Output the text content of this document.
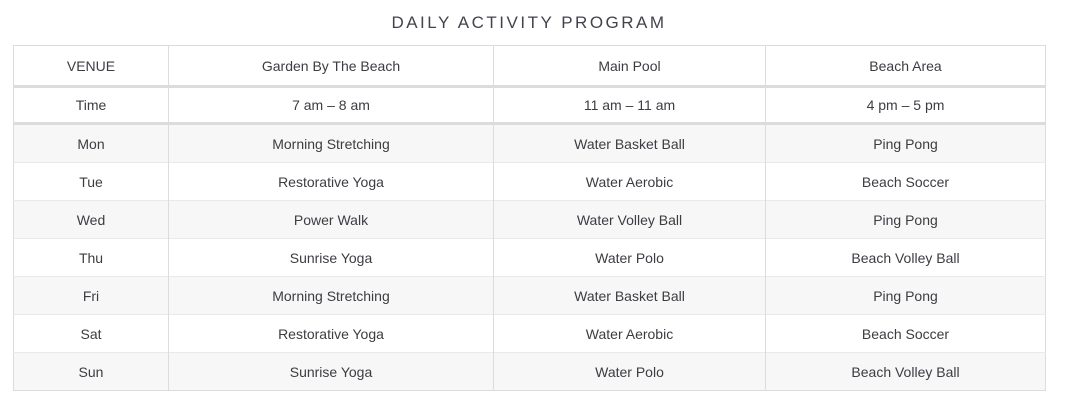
DAILY ACTIVITY PROGRAM
VENUE	Garden By The Beach	Main Pool	Beach Area
Time	7 am – 8 am	11 am – 11 am	4 pm – 5 pm
Mon	Morning Stretching	Water Basket Ball	Ping Pong
Tue	Restorative Yoga	Water Aerobic	Beach Soccer
Wed	Power Walk	Water Volley Ball	Ping Pong
Thu	Sunrise Yoga	Water Polo	Beach Volley Ball
Fri	Morning Stretching	Water Basket Ball	Ping Pong
Sat	Restorative Yoga	Water Aerobic	Beach Soccer
Sun	Sunrise Yoga	Water Polo	Beach Volley Ball
